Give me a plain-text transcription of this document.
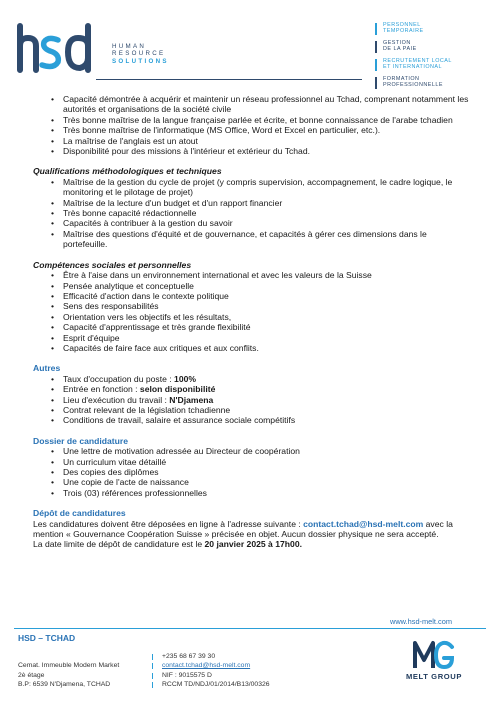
HUMAN
RESOURCE
SOLUTIONS
PERSONNEL
TEMPORAIRE
GESTION
DE LA PAIE
RECRUTEMENT LOCAL
ET INTERNATIONAL
FORMATION
PROFESSIONNELLE
• Capacité démontrée à acquérir et maintenir un réseau professionnel au Tchad, comprenant notamment les autorités et organisations de la société civile
• Très bonne maîtrise de la langue française parlée et écrite, et bonne connaissance de l'arabe tchadien
• Très bonne maîtrise de l'informatique (MS Office, Word et Excel en particulier, etc.).
• La maîtrise de l'anglais est un atout
• Disponibilité pour des missions à l'intérieur et extérieur du Tchad.
Qualifications méthodologiques et techniques
• Maîtrise de la gestion du cycle de projet (y compris supervision, accompagnement, le cadre logique, le monitoring et le pilotage de projet)
• Maîtrise de la lecture d'un budget et d'un rapport financier
• Très bonne capacité rédactionnelle
• Capacités à contribuer à la gestion du savoir
• Maîtrise des questions d'équité et de gouvernance, et capacités à gérer ces dimensions dans le portefeuille.
Compétences sociales et personnelles
• Être à l'aise dans un environnement international et avec les valeurs de la Suisse
• Pensée analytique et conceptuelle
• Efficacité d'action dans le contexte politique
• Sens des responsabilités
• Orientation vers les objectifs et les résultats,
• Capacité d'apprentissage et très grande flexibilité
• Esprit d'équipe
• Capacités de faire face aux critiques et aux conflits.
Autres
• Taux d'occupation du poste : 100%
• Entrée en fonction : selon disponibilité
• Lieu d'exécution du travail : N'Djamena
• Contrat relevant de la législation tchadienne
• Conditions de travail, salaire et assurance sociale compétitifs
Dossier de candidature
• Une lettre de motivation adressée au Directeur de coopération
• Un curriculum vitae détaillé
• Des copies des diplômes
• Une copie de l'acte de naissance
• Trois (03) références professionnelles
Dépôt de candidatures

Les candidatures doivent être déposées en ligne à l'adresse suivante : contact.tchad@hsd-melt.com avec la mention « Gouvernance Coopération Suisse » précisée en objet. Aucun dossier physique ne sera accepté.

La date limite de dépôt de candidature est le 20 janvier 2025 à 17h00.

www.hsd-melt.com
HSD – TCHAD
Cemat. Immeuble Modern Market
2è étage
B.P: 6539 N'Djamena, TCHAD
+235 68 67 39 30
contact.tchad@hsd-melt.com
NIF : 9015575 D
RCCM TD/NDJ/01/2014/B13/00326
MELT GROUP
